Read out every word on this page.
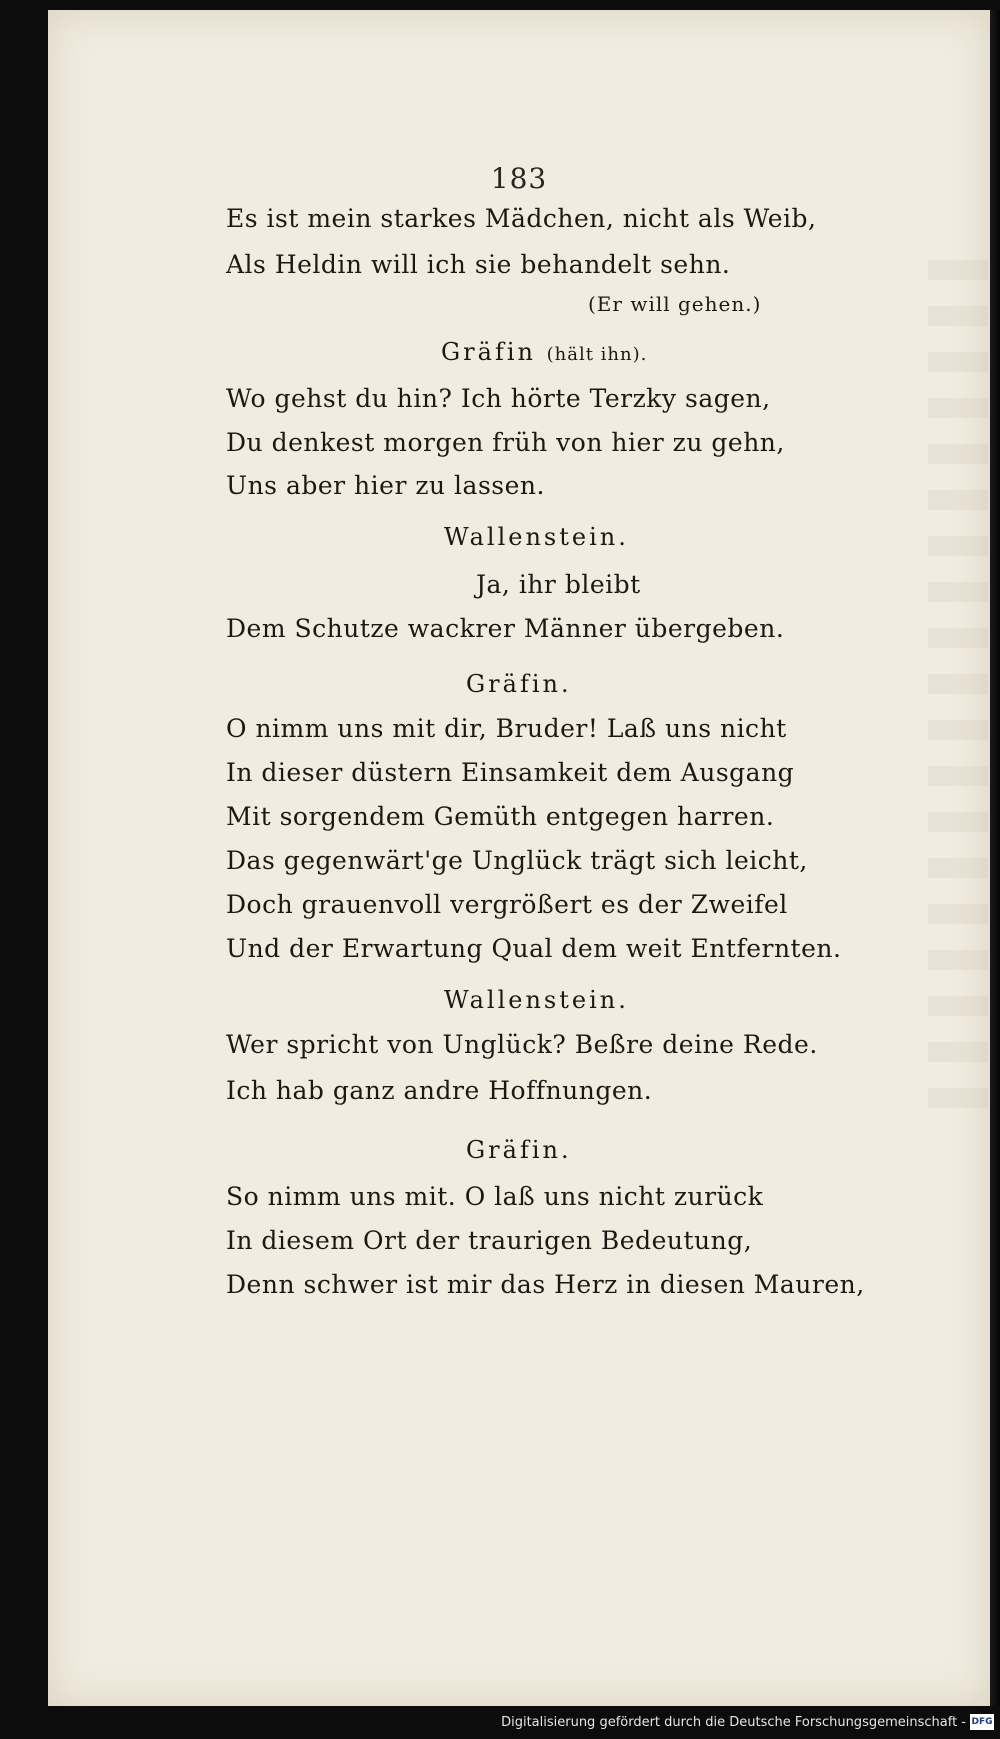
183
Es ist mein starkes Mädchen, nicht als Weib,
Als Heldin will ich sie behandelt sehn.
(Er will gehen.)
Gräfin (hält ihn).
Wo gehst du hin? Ich hörte Terzky sagen,
Du denkest morgen früh von hier zu gehn,
Uns aber hier zu lassen.
Wallenstein.
Ja, ihr bleibt
Dem Schutze wackrer Männer übergeben.
Gräfin.
O nimm uns mit dir, Bruder! Laß uns nicht
In dieser düstern Einsamkeit dem Ausgang
Mit sorgendem Gemüth entgegen harren.
Das gegenwärt'ge Unglück trägt sich leicht,
Doch grauenvoll vergrößert es der Zweifel
Und der Erwartung Qual dem weit Entfernten.
Wallenstein.
Wer spricht von Unglück? Beßre deine Rede.
Ich hab ganz andre Hoffnungen.
Gräfin.
So nimm uns mit. O laß uns nicht zurück
In diesem Ort der traurigen Bedeutung,
Denn schwer ist mir das Herz in diesen Mauren,
Digitalisierung gefördert durch die Deutsche Forschungsgemeinschaft - DFG
